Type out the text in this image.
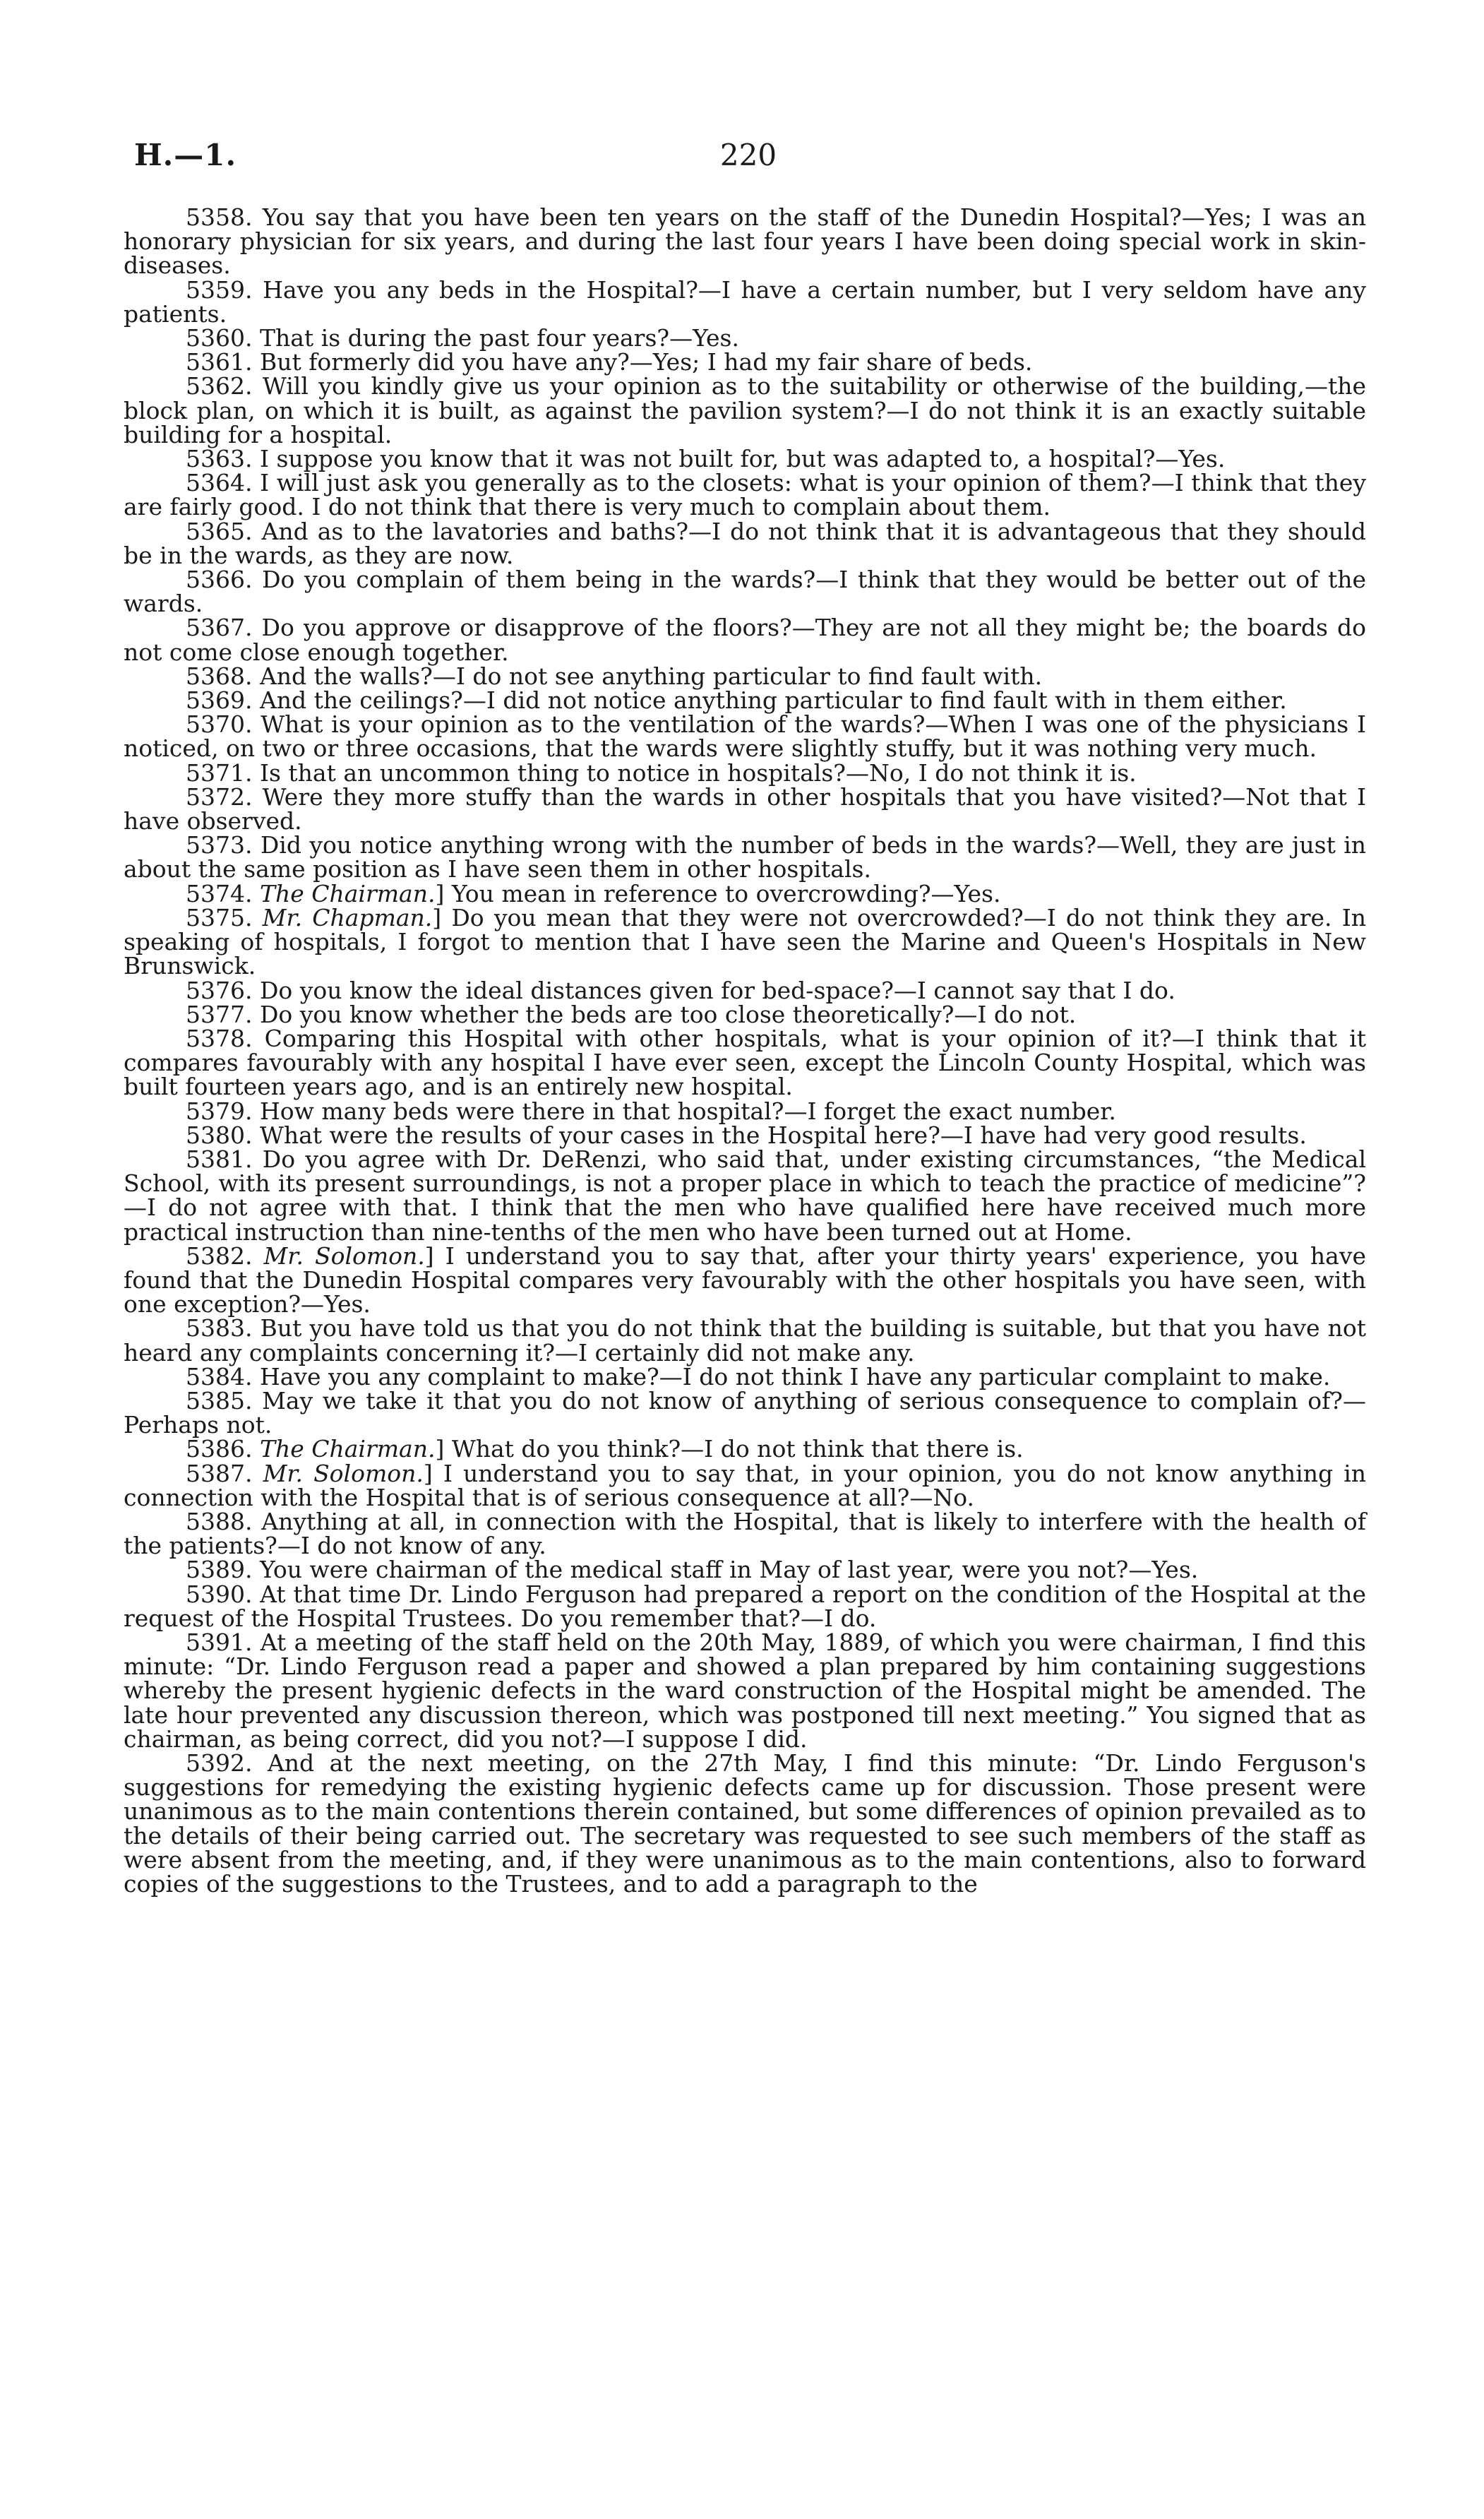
H.—1.	220

5358. You say that you have been ten years on the staff of the Dunedin Hospital?—Yes; I was an honorary physician for six years, and during the last four years I have been doing special work in skin-diseases.

5359. Have you any beds in the Hospital?—I have a certain number, but I very seldom have any patients.

5360. That is during the past four years?—Yes.

5361. But formerly did you have any?—Yes; I had my fair share of beds.

5362. Will you kindly give us your opinion as to the suitability or otherwise of the building,—the block plan, on which it is built, as against the pavilion system?—I do not think it is an exactly suitable building for a hospital.

5363. I suppose you know that it was not built for, but was adapted to, a hospital?—Yes.

5364. I will just ask you generally as to the closets: what is your opinion of them?—I think that they are fairly good. I do not think that there is very much to complain about them.

5365. And as to the lavatories and baths?—I do not think that it is advantageous that they should be in the wards, as they are now.

5366. Do you complain of them being in the wards?—I think that they would be better out of the wards.

5367. Do you approve or disapprove of the floors?—They are not all they might be; the boards do not come close enough together.

5368. And the walls?—I do not see anything particular to find fault with.

5369. And the ceilings?—I did not notice anything particular to find fault with in them either.

5370. What is your opinion as to the ventilation of the wards?—When I was one of the physicians I noticed, on two or three occasions, that the wards were slightly stuffy, but it was nothing very much.

5371. Is that an uncommon thing to notice in hospitals?—No, I do not think it is.

5372. Were they more stuffy than the wards in other hospitals that you have visited?—Not that I have observed.

5373. Did you notice anything wrong with the number of beds in the wards?—Well, they are just in about the same position as I have seen them in other hospitals.

5374. The Chairman.] You mean in reference to overcrowding?—Yes.

5375. Mr. Chapman.] Do you mean that they were not overcrowded?—I do not think they are. In speaking of hospitals, I forgot to mention that I have seen the Marine and Queen's Hospitals in New Brunswick.

5376. Do you know the ideal distances given for bed-space?—I cannot say that I do.

5377. Do you know whether the beds are too close theoretically?—I do not.

5378. Comparing this Hospital with other hospitals, what is your opinion of it?—I think that it compares favourably with any hospital I have ever seen, except the Lincoln County Hospital, which was built fourteen years ago, and is an entirely new hospital.

5379. How many beds were there in that hospital?—I forget the exact number.

5380. What were the results of your cases in the Hospital here?—I have had very good results.

5381. Do you agree with Dr. DeRenzi, who said that, under existing circumstances, “the Medical School, with its present surroundings, is not a proper place in which to teach the practice of medicine”?—I do not agree with that. I think that the men who have qualified here have received much more practical instruction than nine-tenths of the men who have been turned out at Home.

5382. Mr. Solomon.] I understand you to say that, after your thirty years' experience, you have found that the Dunedin Hospital compares very favourably with the other hospitals you have seen, with one exception?—Yes.

5383. But you have told us that you do not think that the building is suitable, but that you have not heard any complaints concerning it?—I certainly did not make any.

5384. Have you any complaint to make?—I do not think I have any particular complaint to make.

5385. May we take it that you do not know of anything of serious consequence to complain of?—Perhaps not.

5386. The Chairman.] What do you think?—I do not think that there is.

5387. Mr. Solomon.] I understand you to say that, in your opinion, you do not know anything in connection with the Hospital that is of serious consequence at all?—No.

5388. Anything at all, in connection with the Hospital, that is likely to interfere with the health of the patients?—I do not know of any.

5389. You were chairman of the medical staff in May of last year, were you not?—Yes.

5390. At that time Dr. Lindo Ferguson had prepared a report on the condition of the Hospital at the request of the Hospital Trustees. Do you remember that?—I do.

5391. At a meeting of the staff held on the 20th May, 1889, of which you were chairman, I find this minute: “Dr. Lindo Ferguson read a paper and showed a plan prepared by him containing suggestions whereby the present hygienic defects in the ward construction of the Hospital might be amended. The late hour prevented any discussion thereon, which was postponed till next meeting.” You signed that as chairman, as being correct, did you not?—I suppose I did.

5392. And at the next meeting, on the 27th May, I find this minute: “Dr. Lindo Ferguson's suggestions for remedying the existing hygienic defects came up for discussion. Those present were unanimous as to the main contentions therein contained, but some differences of opinion prevailed as to the details of their being carried out. The secretary was requested to see such members of the staff as were absent from the meeting, and, if they were unanimous as to the main contentions, also to forward copies of the suggestions to the Trustees, and to add a paragraph to the
